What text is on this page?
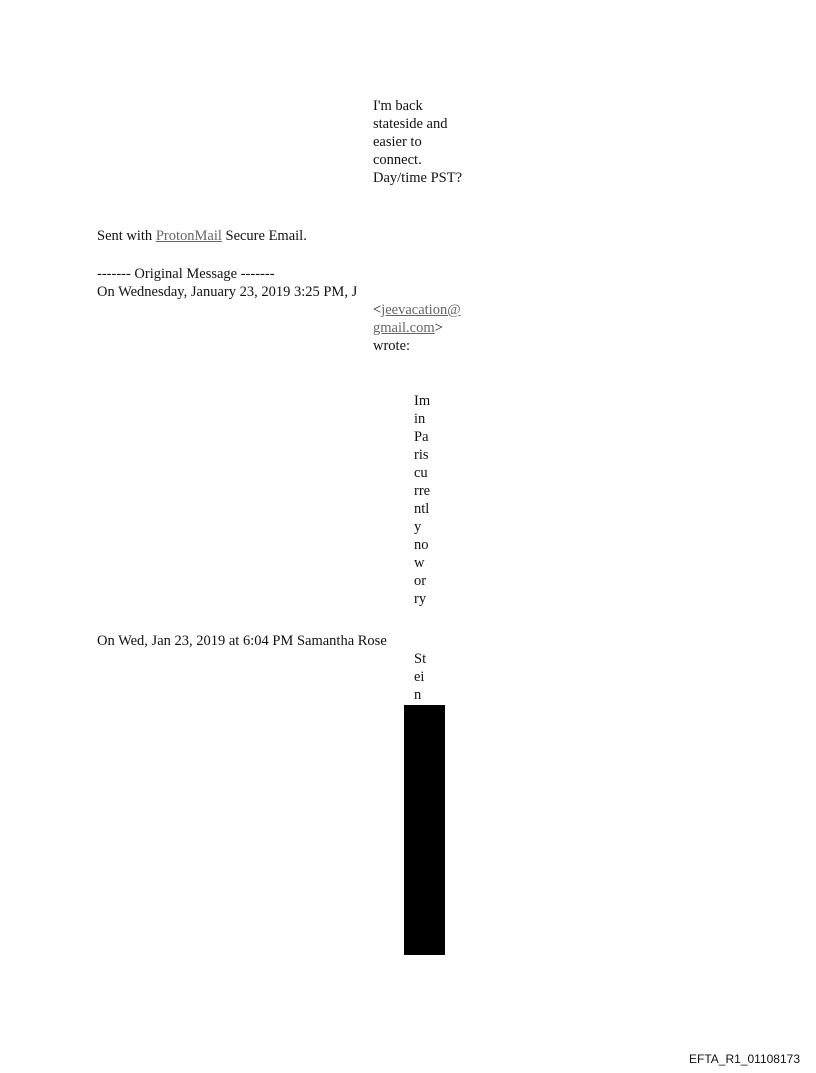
I'm back
stateside and
easier to
connect.
Day/time PST?
Sent with ProtonMail Secure Email.
------- Original Message -------
On Wednesday, January 23, 2019 3:25 PM, J
<jeevacation@
gmail.com>
wrote:
Im
in
Pa
ris
cu
rre
ntl
y
no
w
or
ry
On Wed, Jan 23, 2019 at 6:04 PM Samantha Rose
St
ei
n
EFTA_R1_01108173
